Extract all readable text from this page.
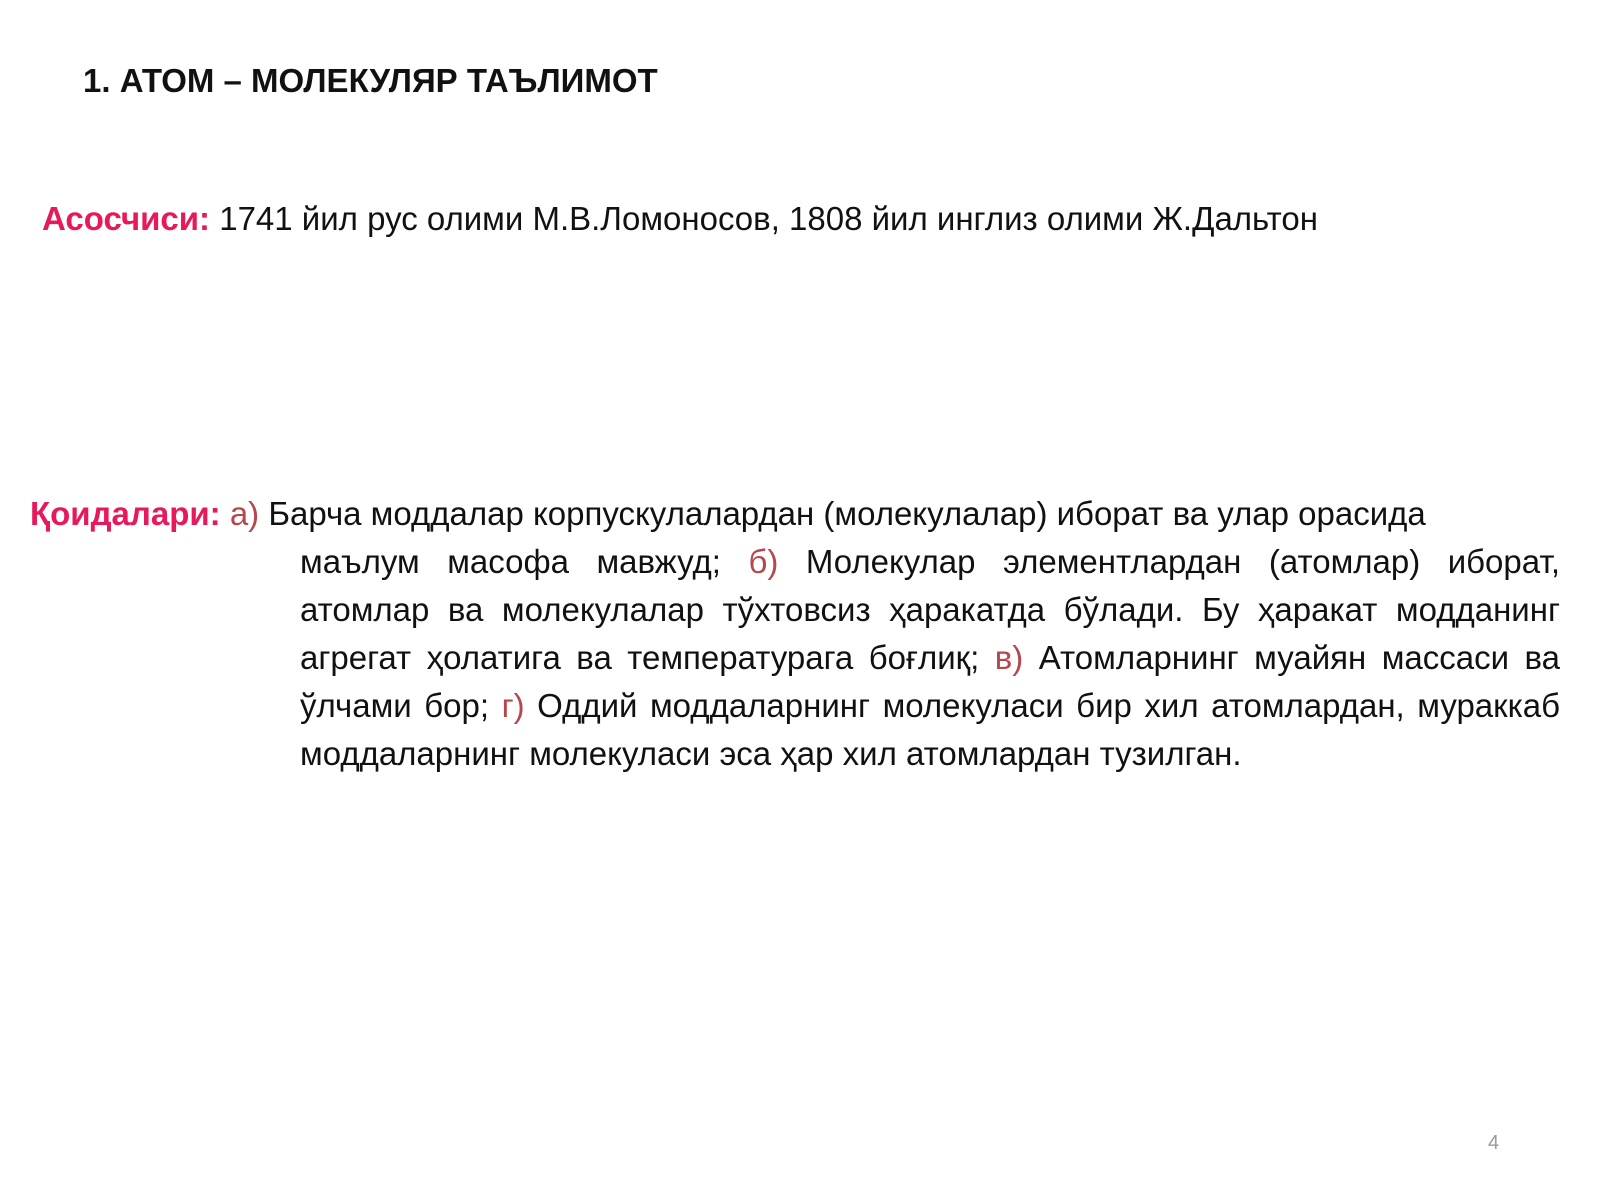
1. АТОМ – МОЛЕКУЛЯР ТАЪЛИМОТ
Асосчиси: 1741 йил рус олими М.В.Ломоносов, 1808 йил инглиз олими Ж.Дальтон
Қоидалари: а) Барча моддалар корпускулалардан (молекулалар) иборат ва улар орасида
маълум масофа мавжуд; б) Молекулар элементлардан (атомлар) иборат, атомлар ва молекулалар тўхтовсиз ҳаракатда бўлади. Бу ҳаракат модданинг агрегат ҳолатига ва температурага боғлиқ; в) Атомларнинг муайян массаси ва ўлчами бор; г) Оддий моддаларнинг молекуласи бир хил атомлардан, мураккаб моддаларнинг молекуласи эса ҳар хил атомлардан тузилган.
4
